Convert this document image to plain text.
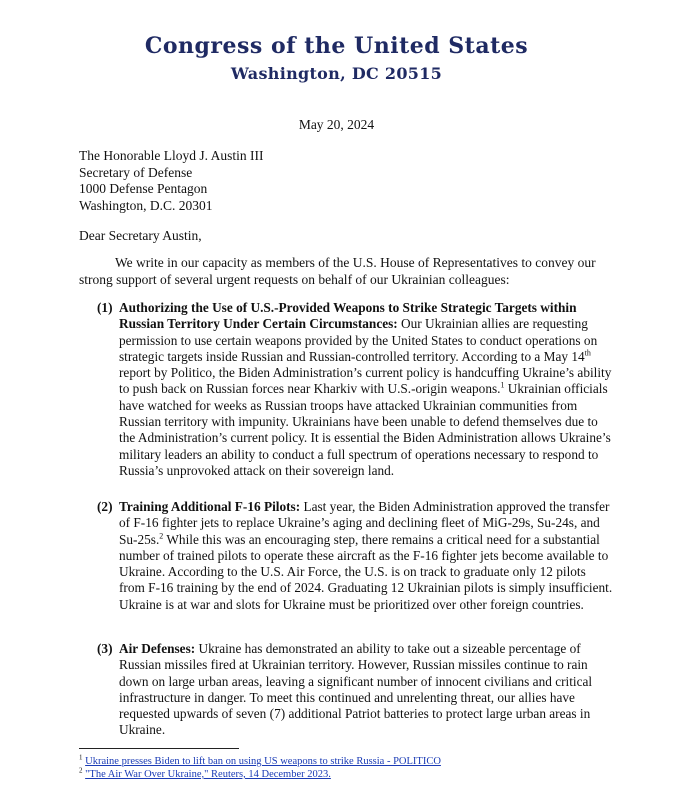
Congress of the United States
Washington, DC 20515
May 20, 2024
The Honorable Lloyd J. Austin III
Secretary of Defense
1000 Defense Pentagon
Washington, D.C. 20301
Dear Secretary Austin,
We write in our capacity as members of the U.S. House of Representatives to convey our strong support of several urgent requests on behalf of our Ukrainian colleagues:
(1) Authorizing the Use of U.S.-Provided Weapons to Strike Strategic Targets within Russian Territory Under Certain Circumstances: Our Ukrainian allies are requesting permission to use certain weapons provided by the United States to conduct operations on strategic targets inside Russian and Russian-controlled territory. According to a May 14th report by Politico, the Biden Administration’s current policy is handcuffing Ukraine’s ability to push back on Russian forces near Kharkiv with U.S.-origin weapons.$^1$ Ukrainian officials have watched for weeks as Russian troops have attacked Ukrainian communities from Russian territory with impunity. Ukrainians have been unable to defend themselves due to the Administration’s current policy. It is essential the Biden Administration allows Ukraine’s military leaders an ability to conduct a full spectrum of operations necessary to respond to Russia’s unprovoked attack on their sovereign land.
(2) Training Additional F-16 Pilots: Last year, the Biden Administration approved the transfer of F-16 fighter jets to replace Ukraine’s aging and declining fleet of MiG-29s, Su-24s, and Su-25s.$^2$ While this was an encouraging step, there remains a critical need for a substantial number of trained pilots to operate these aircraft as the F-16 fighter jets become available to Ukraine. According to the U.S. Air Force, the U.S. is on track to graduate only 12 pilots from F-16 training by the end of 2024. Graduating 12 Ukrainian pilots is simply insufficient. Ukraine is at war and slots for Ukraine must be prioritized over other foreign countries.
(3) Air Defenses: Ukraine has demonstrated an ability to take out a sizeable percentage of Russian missiles fired at Ukrainian territory. However, Russian missiles continue to rain down on large urban areas, leaving a significant number of innocent civilians and critical infrastructure in danger. To meet this continued and unrelenting threat, our allies have requested upwards of seven (7) additional Patriot batteries to protect large urban areas in Ukraine.
$^1$ Ukraine presses Biden to lift ban on using US weapons to strike Russia - POLITICO
$^2$ "The Air War Over Ukraine," Reuters, 14 December 2023.
